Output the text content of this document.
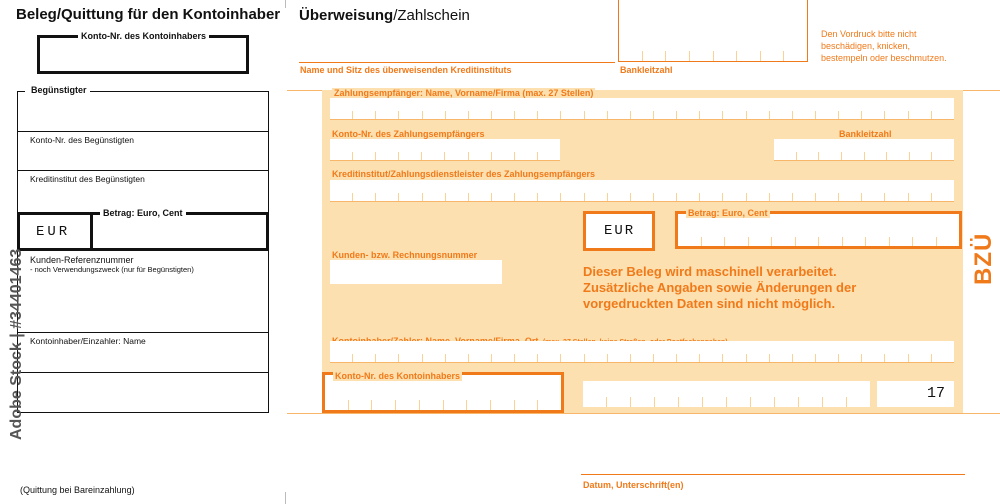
Beleg/Quittung für den Kontoinhaber
Konto-Nr. des Kontoinhabers
Begünstigter
Konto-Nr. des Begünstigten
Kreditinstitut des Begünstigten
Betrag: Euro, Cent
EUR
Kunden-Referenznummer
- noch Verwendungszweck (nur für Begünstigten)
Kontoinhaber/Einzahler: Name
(Quittung bei Bareinzahlung)
Adobe Stock | #34401463
Überweisung/Zahlschein
Name und Sitz des überweisenden Kreditinstituts	Bankleitzahl
Den Vordruck bitte nicht
beschädigen, knicken,
bestempeln oder beschmutzen.
Zahlungsempfänger: Name, Vorname/Firma (max. 27 Stellen)
Konto-Nr. des Zahlungsempfängers	Bankleitzahl
Kreditinstitut/Zahlungsdienstleister des Zahlungsempfängers
EUR
Betrag: Euro, Cent
Kunden- bzw. Rechnungsnummer
Dieser Beleg wird maschinell verarbeitet.
Zusätzliche Angaben sowie Änderungen der
vorgedruckten Daten sind nicht möglich.
Konto-Nr. des Kontoinhabers
17
BZÜ
Datum, Unterschrift(en)
